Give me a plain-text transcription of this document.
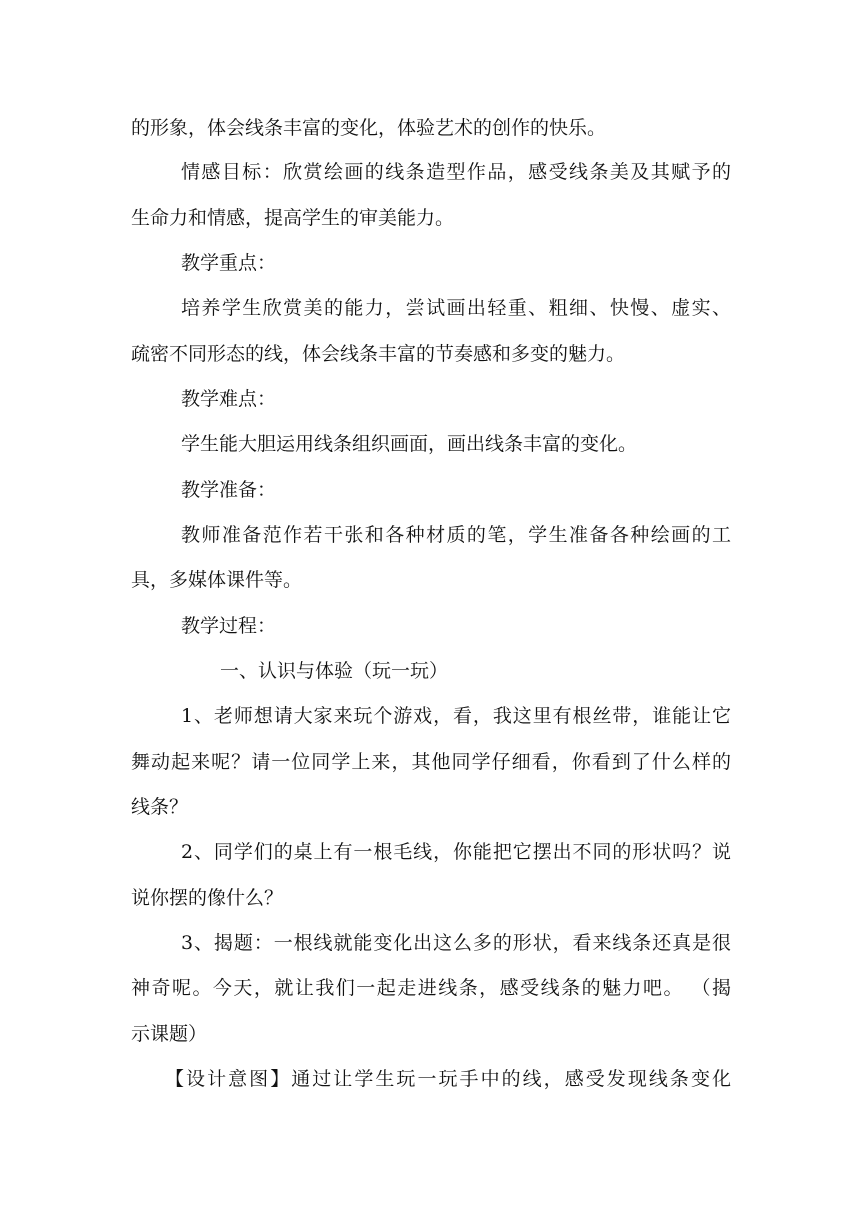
的形象，体会线条丰富的变化，体验艺术的创作的快乐。
情感目标：欣赏绘画的线条造型作品，感受线条美及其赋予的
生命力和情感，提高学生的审美能力。
教学重点：
培养学生欣赏美的能力，尝试画出轻重、粗细、快慢、虚实、
疏密不同形态的线，体会线条丰富的节奏感和多变的魅力。
教学难点：
学生能大胆运用线条组织画面，画出线条丰富的变化。
教学准备：
教师准备范作若干张和各种材质的笔，学生准备各种绘画的工
具，多媒体课件等。
教学过程：
一、认识与体验（玩一玩）
1、老师想请大家来玩个游戏，看，我这里有根丝带，谁能让它
舞动起来呢？请一位同学上来，其他同学仔细看，你看到了什么样的
线条？
2、同学们的桌上有一根毛线，你能把它摆出不同的形状吗？说
说你摆的像什么？
3、揭题：一根线就能变化出这么多的形状，看来线条还真是很
神奇呢。今天，就让我们一起走进线条，感受线条的魅力吧。 （揭
示课题）
【设计意图】通过让学生玩一玩手中的线，感受发现线条变化
